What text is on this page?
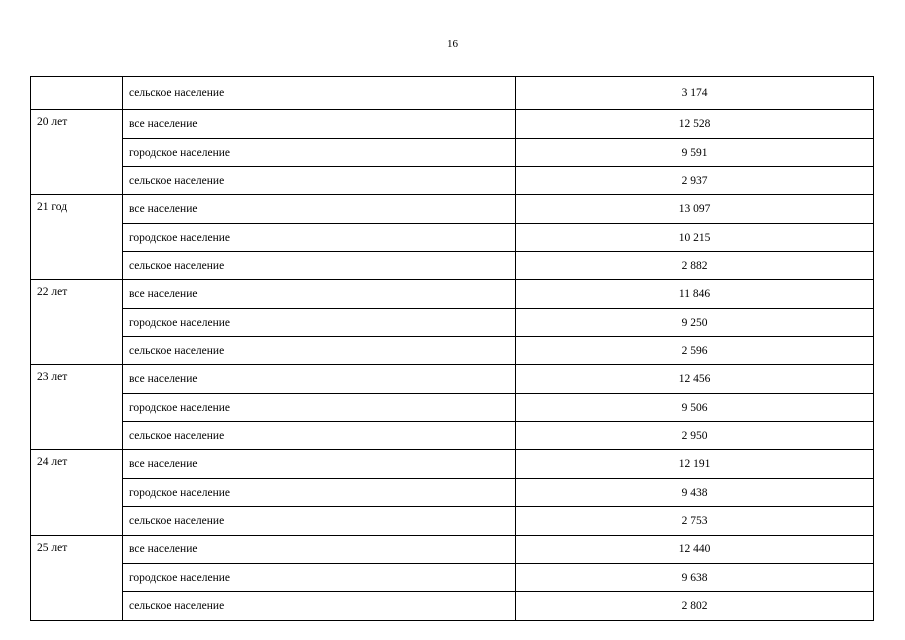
16
	сельское население	3 174
20 лет	все население	12 528
	городское население	9 591
	сельское население	2 937
21 год	все население	13 097
	городское население	10 215
	сельское население	2 882
22 лет	все население	11 846
	городское население	9 250
	сельское население	2 596
23 лет	все население	12 456
	городское население	9 506
	сельское население	2 950
24 лет	все население	12 191
	городское население	9 438
	сельское население	2 753
25 лет	все население	12 440
	городское население	9 638
	сельское население	2 802
